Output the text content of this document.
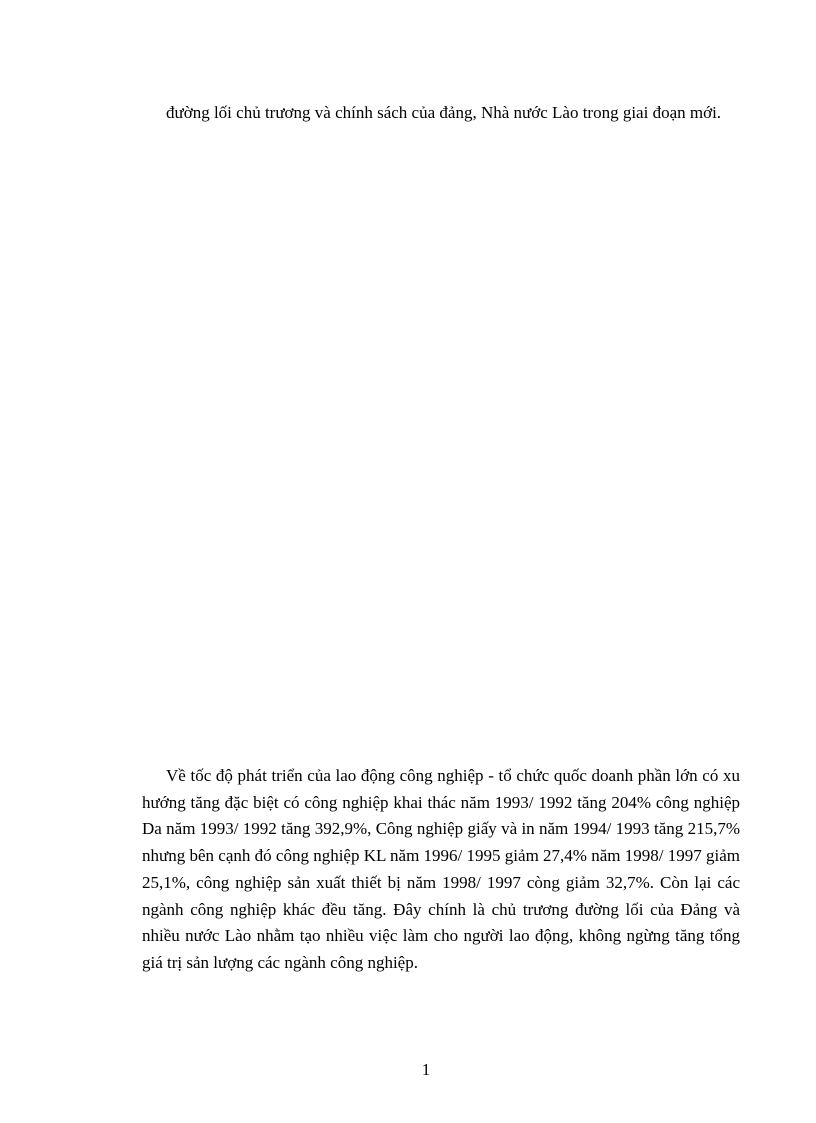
đường lối chủ trương và chính sách của đảng, Nhà nước Lào trong giai đoạn mới.

Về tốc độ phát triển của lao động công nghiệp - tổ chức quốc doanh phần lớn có xu hướng tăng đặc biệt có công nghiệp khai thác năm 1993/ 1992 tăng 204% công nghiệp Da năm 1993/ 1992 tăng 392,9%, Công nghiệp giấy và in năm 1994/ 1993 tăng 215,7% nhưng bên cạnh đó công nghiệp KL năm 1996/ 1995 giảm 27,4% năm 1998/ 1997 giảm 25,1%, công nghiệp sản xuất thiết bị năm 1998/ 1997 còng giảm 32,7%. Còn lại các ngành công nghiệp khác đều tăng. Đây chính là chủ trương đường lối của Đảng và nhiều nước Lào nhằm tạo nhiều việc làm cho người lao động, không ngừng tăng tổng giá trị sản lượng các ngành công nghiệp.

1
